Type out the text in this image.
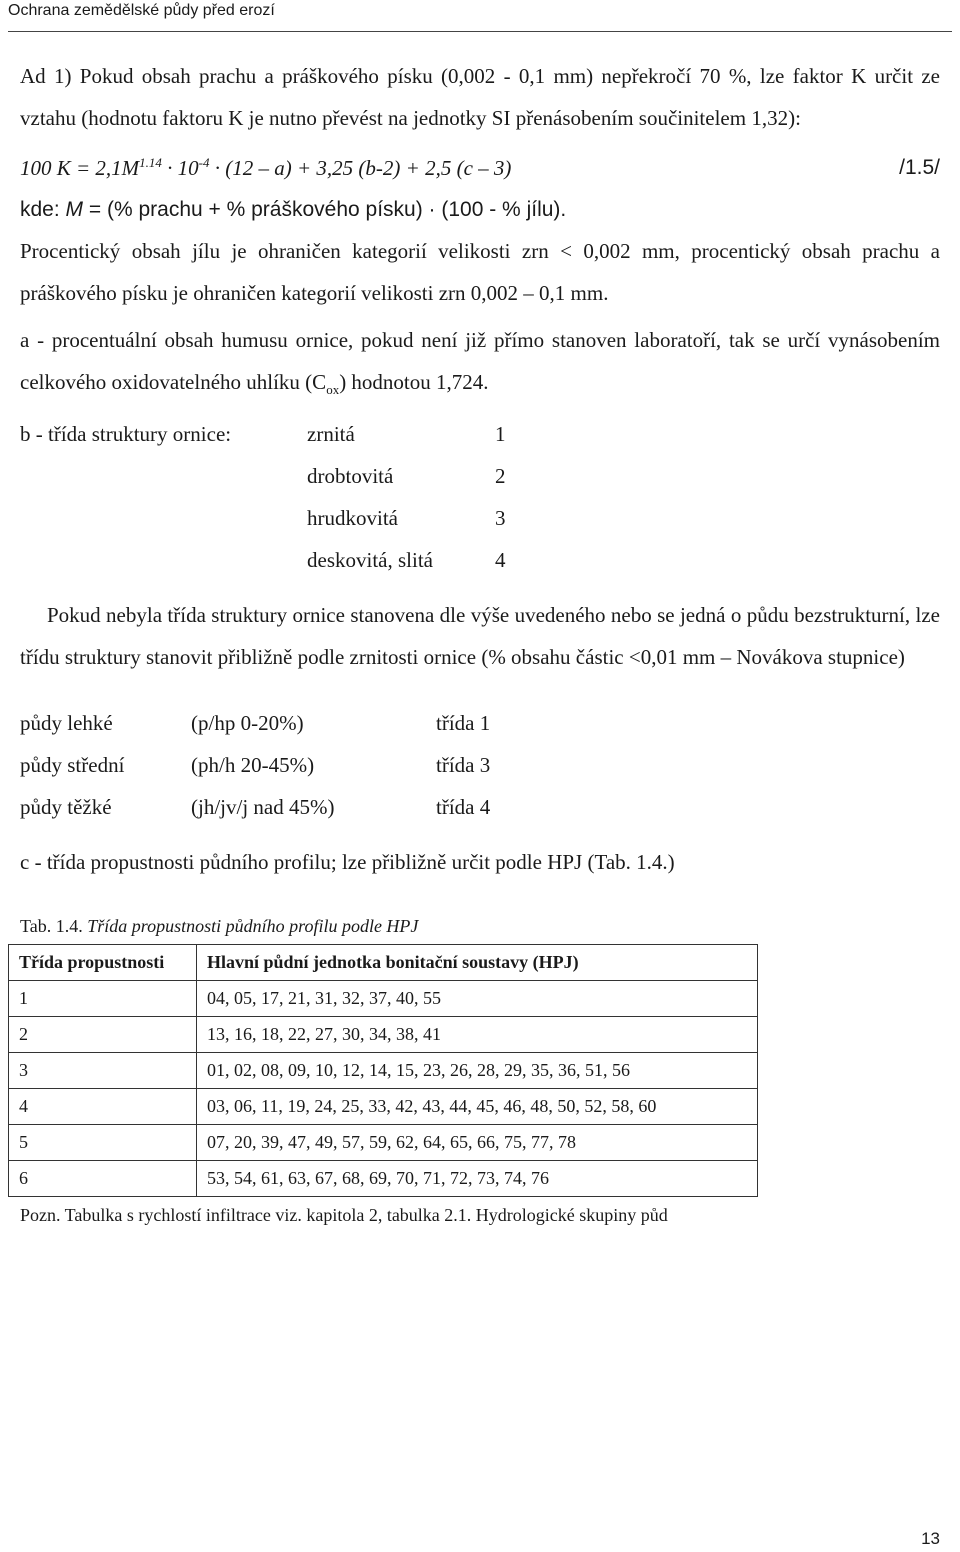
Ochrana zemědělské půdy před erozí

Ad 1) Pokud obsah prachu a práškového písku (0,002 - 0,1 mm) nepřekročí 70 %, lze faktor K určit ze vztahu (hodnotu faktoru K je nutno převést na jednotky SI přenásobením součinitelem 1,32):

100 $K = 2,1M^{1.14} \cdot 10^{-4} \cdot (12 - a) + 3,25$ (b-2) + 2,5 (c – 3)	/1.5/

kde: M = (% prachu + % práškového písku) · (100 - % jílu).

Procentický obsah jílu je ohraničen kategorií velikosti zrn < 0,002 mm, procentický obsah prachu a práškového písku je ohraničen kategorií velikosti zrn 0,002 – 0,1 mm.

a - procentuální obsah humusu ornice, pokud není již přímo stanoven laboratoří, tak se určí vynásobením celkového oxidovatelného uhlíku $(C_{ox})$ hodnotou 1,724.

b - třída struktury ornice:	zrnitá	1
drobtovitá	2
hrudkovitá	3
deskovitá, slitá	4

Pokud nebyla třída struktury ornice stanovena dle výše uvedeného nebo se jedná o půdu bezstrukturní, lze třídu struktury stanovit přibližně podle zrnitosti ornice (% obsahu částic <0,01 mm – Novákova stupnice)

půdy lehké	(p/hp 0-20%)	třída 1
půdy střední	(ph/h 20-45%)	třída 3
půdy těžké	(jh/jv/j nad 45%)	třída 4

c - třída propustnosti půdního profilu; lze přibližně určit podle HPJ (Tab. 1.4.)

Tab. 1.4. Třída propustnosti půdního profilu podle HPJ
Třída propustnosti	Hlavní půdní jednotka bonitační soustavy (HPJ)
1	04, 05, 17, 21, 31, 32, 37, 40, 55
2	13, 16, 18, 22, 27, 30, 34, 38, 41
3	01, 02, 08, 09, 10, 12, 14, 15, 23, 26, 28, 29, 35, 36, 51, 56
4	03, 06, 11, 19, 24, 25, 33, 42, 43, 44, 45, 46, 48, 50, 52, 58, 60
5	07, 20, 39, 47, 49, 57, 59, 62, 64, 65, 66, 75, 77, 78
6	53, 54, 61, 63, 67, 68, 69, 70, 71, 72, 73, 74, 76
Pozn. Tabulka s rychlostí infiltrace viz. kapitola 2, tabulka 2.1. Hydrologické skupiny půd
13
